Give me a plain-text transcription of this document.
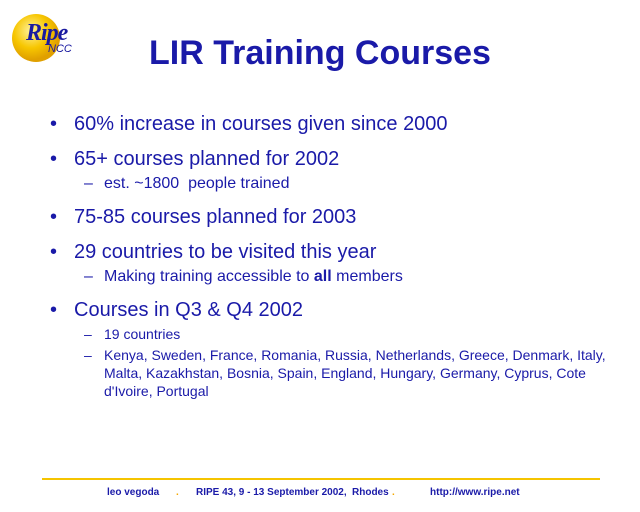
Ripe
NCC	LIR Training Courses
• 60% increase in courses given since 2000
• 65+ courses planned for 2002
– est. ~1800  people trained
• 75-85 courses planned for 2003
• 29 countries to be visited this year
– Making training accessible to all members
• Courses in Q3 & Q4 2002
– 19 countries
– Kenya, Sweden, France, Romania, Russia, Netherlands, Greece, Denmark, Italy, Malta, Kazakhstan, Bosnia, Spain, England, Hungary, Germany, Cyprus, Cote d'Ivoire, Portugal
leo vegoda . RIPE 43, 9 - 13 September 2002, Rhodes .	http://www.ripe.net
